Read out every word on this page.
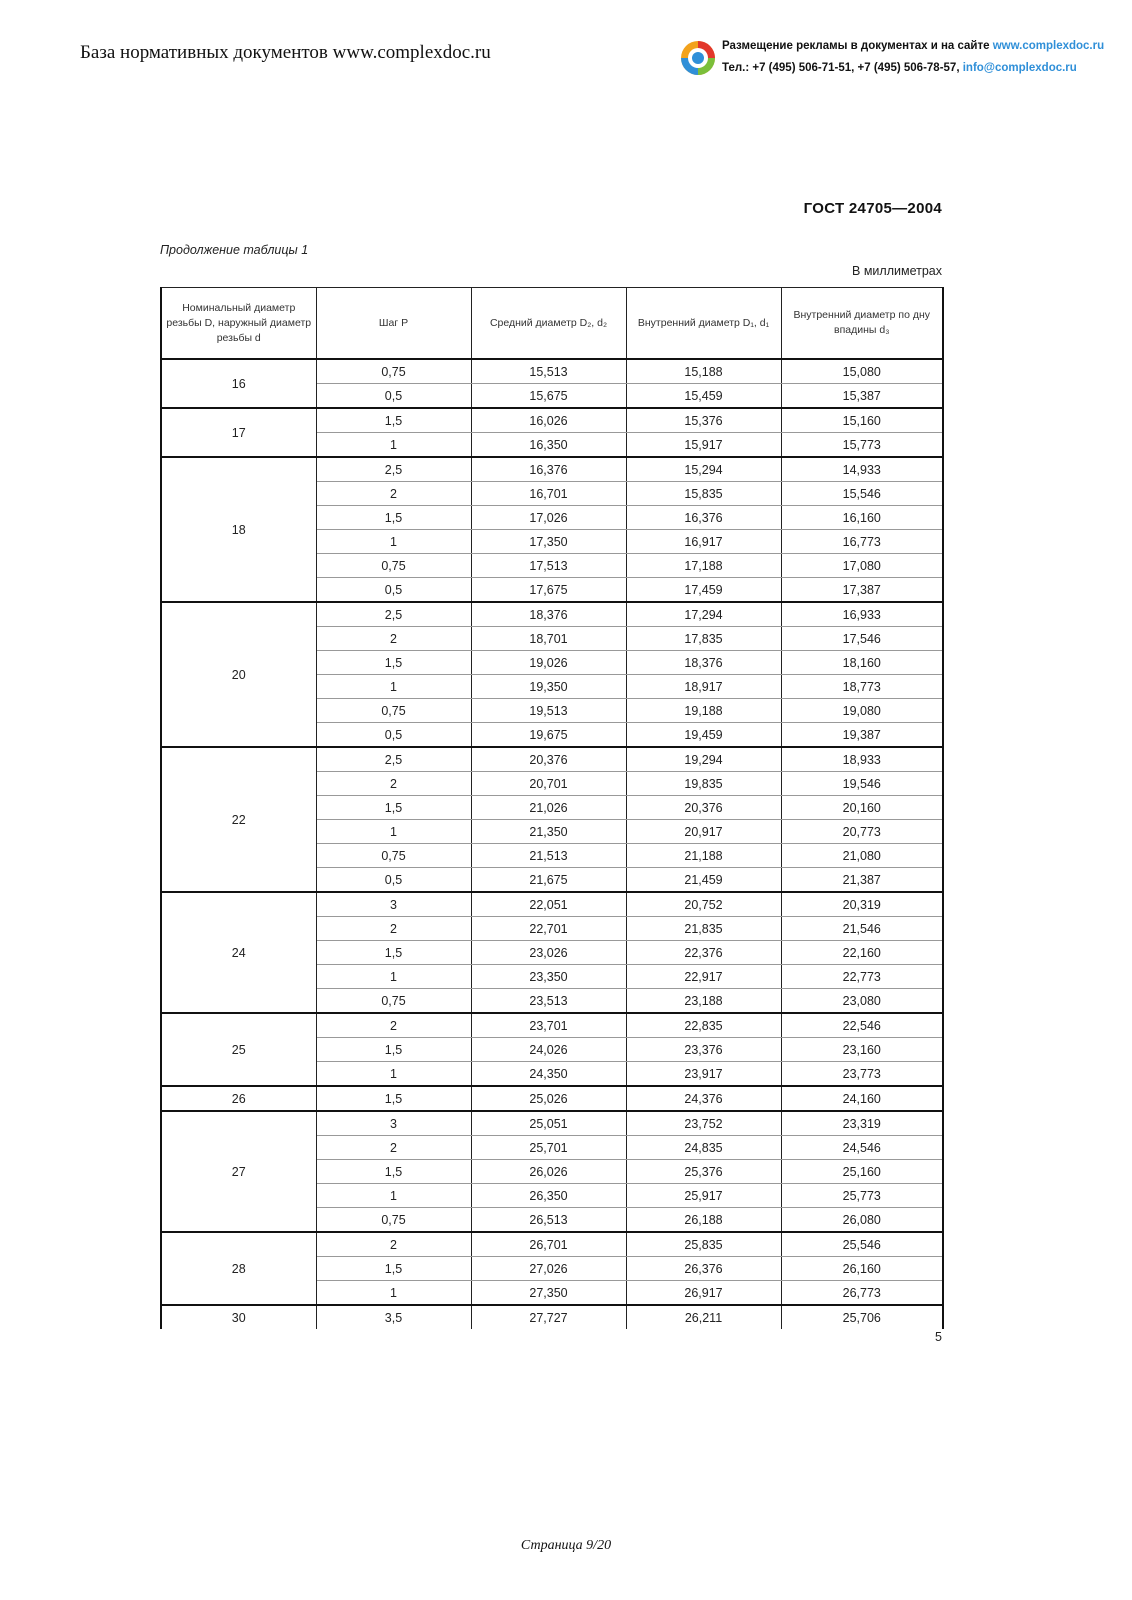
База нормативных документов www.complexdoc.ru	Размещение рекламы в документах и на сайте www.complexdoc.ru
Тел.: +7 (495) 506-71-51, +7 (495) 506-78-57, info@complexdoc.ru
ГОСТ 24705—2004
Продолжение таблицы 1
В миллиметрах
Номинальный диаметр резьбы D, наружный диаметр резьбы d	Шаг P	Средний диаметр D₂, d₂	Внутренний диаметр D₁, d₁	Внутренний диаметр по дну впадины d₃
16	0,75	15,513	15,188	15,080
	0,5	15,675	15,459	15,387
17	1,5	16,026	15,376	15,160
	1	16,350	15,917	15,773
18	2,5	16,376	15,294	14,933
	2	16,701	15,835	15,546
	1,5	17,026	16,376	16,160
	1	17,350	16,917	16,773
	0,75	17,513	17,188	17,080
	0,5	17,675	17,459	17,387
20	2,5	18,376	17,294	16,933
	2	18,701	17,835	17,546
	1,5	19,026	18,376	18,160
	1	19,350	18,917	18,773
	0,75	19,513	19,188	19,080
	0,5	19,675	19,459	19,387
22	2,5	20,376	19,294	18,933
	2	20,701	19,835	19,546
	1,5	21,026	20,376	20,160
	1	21,350	20,917	20,773
	0,75	21,513	21,188	21,080
	0,5	21,675	21,459	21,387
24	3	22,051	20,752	20,319
	2	22,701	21,835	21,546
	1,5	23,026	22,376	22,160
	1	23,350	22,917	22,773
	0,75	23,513	23,188	23,080
25	2	23,701	22,835	22,546
	1,5	24,026	23,376	23,160
	1	24,350	23,917	23,773
26	1,5	25,026	24,376	24,160
27	3	25,051	23,752	23,319
	2	25,701	24,835	24,546
	1,5	26,026	25,376	25,160
	1	26,350	25,917	25,773
	0,75	26,513	26,188	26,080
28	2	26,701	25,835	25,546
	1,5	27,026	26,376	26,160
	1	27,350	26,917	26,773
30	3,5	27,727	26,211	25,706
5
Страница 9/20
